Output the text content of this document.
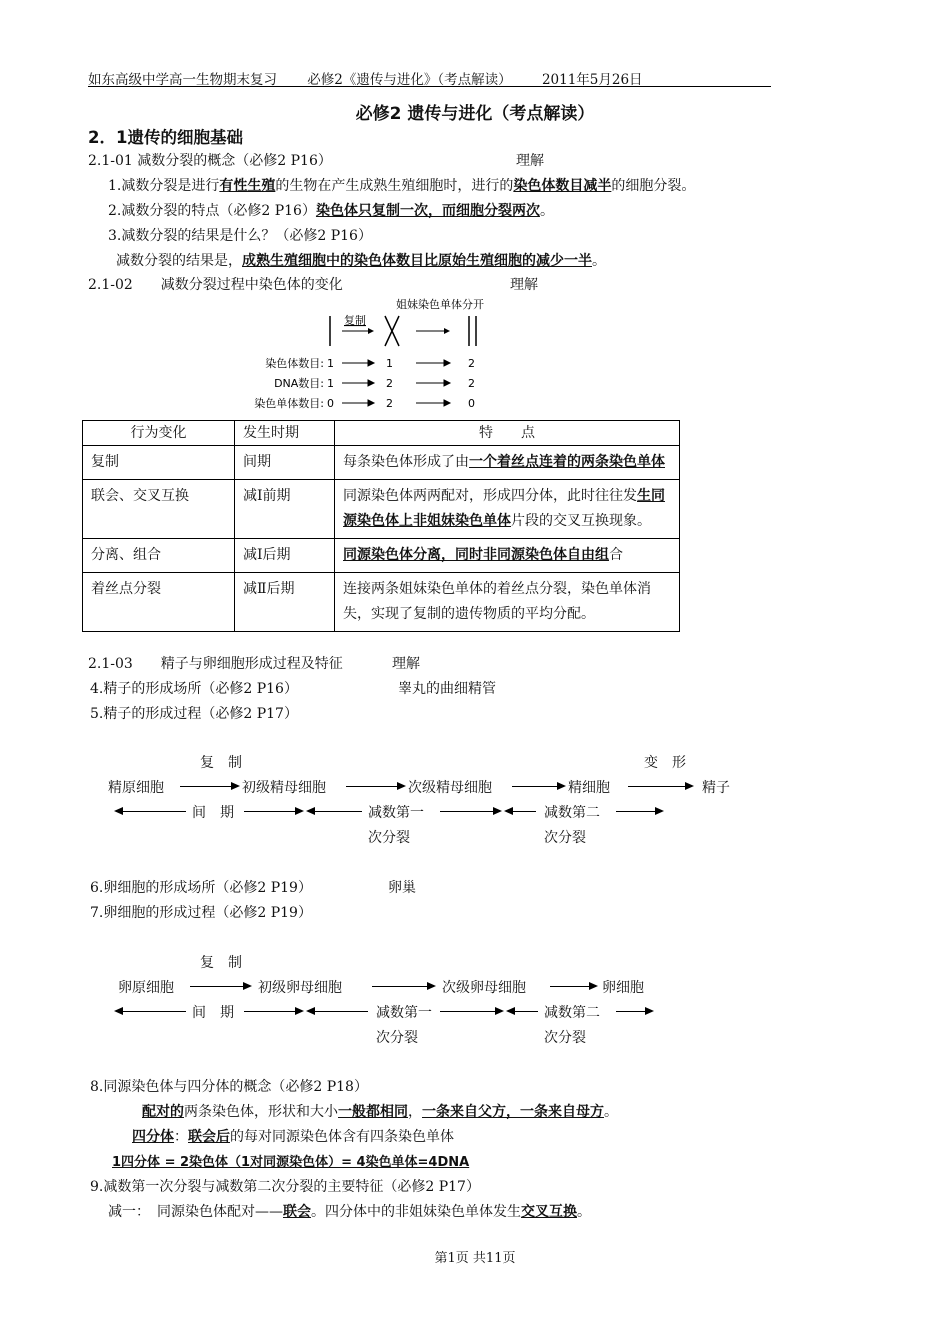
如东高级中学高一生物期末复习 必修2《遗传与进化》（考点解读） 2011年5月26日
必修2 遗传与进化（考点解读）
2．1遗传的细胞基础
2.1-01 减数分裂的概念（必修2 P16）	理解
1.减数分裂是进行有性生殖的生物在产生成熟生殖细胞时，进行的染色体数目减半的细胞分裂。
2.减数分裂的特点（必修2 P16）染色体只复制一次，而细胞分裂两次。
3.减数分裂的结果是什么？（必修2 P16）
减数分裂的结果是，成熟生殖细胞中的染色体数目比原始生殖细胞的减少一半。
2.1-02　　减数分裂过程中染色体的变化	理解
复制
姐妹染色单体分开
染色体数目: 1	1	2
DNA数目: 1	2	2
染色单体数目: 0	2	0
行为变化	发生时期	特　　点
复制	间期	每条染色体形成了由一个着丝点连着的两条染色单体
联会、交叉互换	减Ⅰ前期	同源染色体两两配对，形成四分体，此时往往发生同源染色体上非姐妹染色单体片段的交叉互换现象。
分离、组合	减Ⅰ后期	同源染色体分离，同时非同源染色体自由组合
着丝点分裂	减Ⅱ后期	连接两条姐妹染色单体的着丝点分裂，染色单体消失，实现了复制的遗传物质的平均分配。
2.1-03　　精子与卵细胞形成过程及特征	理解
4.精子的形成场所（必修2 P16）	睾丸的曲细精管
5.精子的形成过程（必修2 P17）
复　制	变　形
精原细胞	初级精母细胞	次级精母细胞	精细胞	精子
间　期	减数第一
次分裂
减数第二
次分裂
6.卵细胞的形成场所（必修2 P19）	卵巢
7.卵细胞的形成过程（必修2 P19）
复　制
卵原细胞	初级卵母细胞	次级卵母细胞	卵细胞
间　期	减数第一
次分裂
减数第二
次分裂
8.同源染色体与四分体的概念（必修2 P18）
配对的两条染色体，形状和大小一般都相同，一条来自父方，一条来自母方。
四分体：联会后的每对同源染色体含有四条染色单体
1四分体 = 2染色体（1对同源染色体）= 4染色单体=4DNA
9.减数第一次分裂与减数第二次分裂的主要特征（必修2 P17）
减一：　同源染色体配对——联会。四分体中的非姐妹染色单体发生交叉互换。
第1页 共11页
